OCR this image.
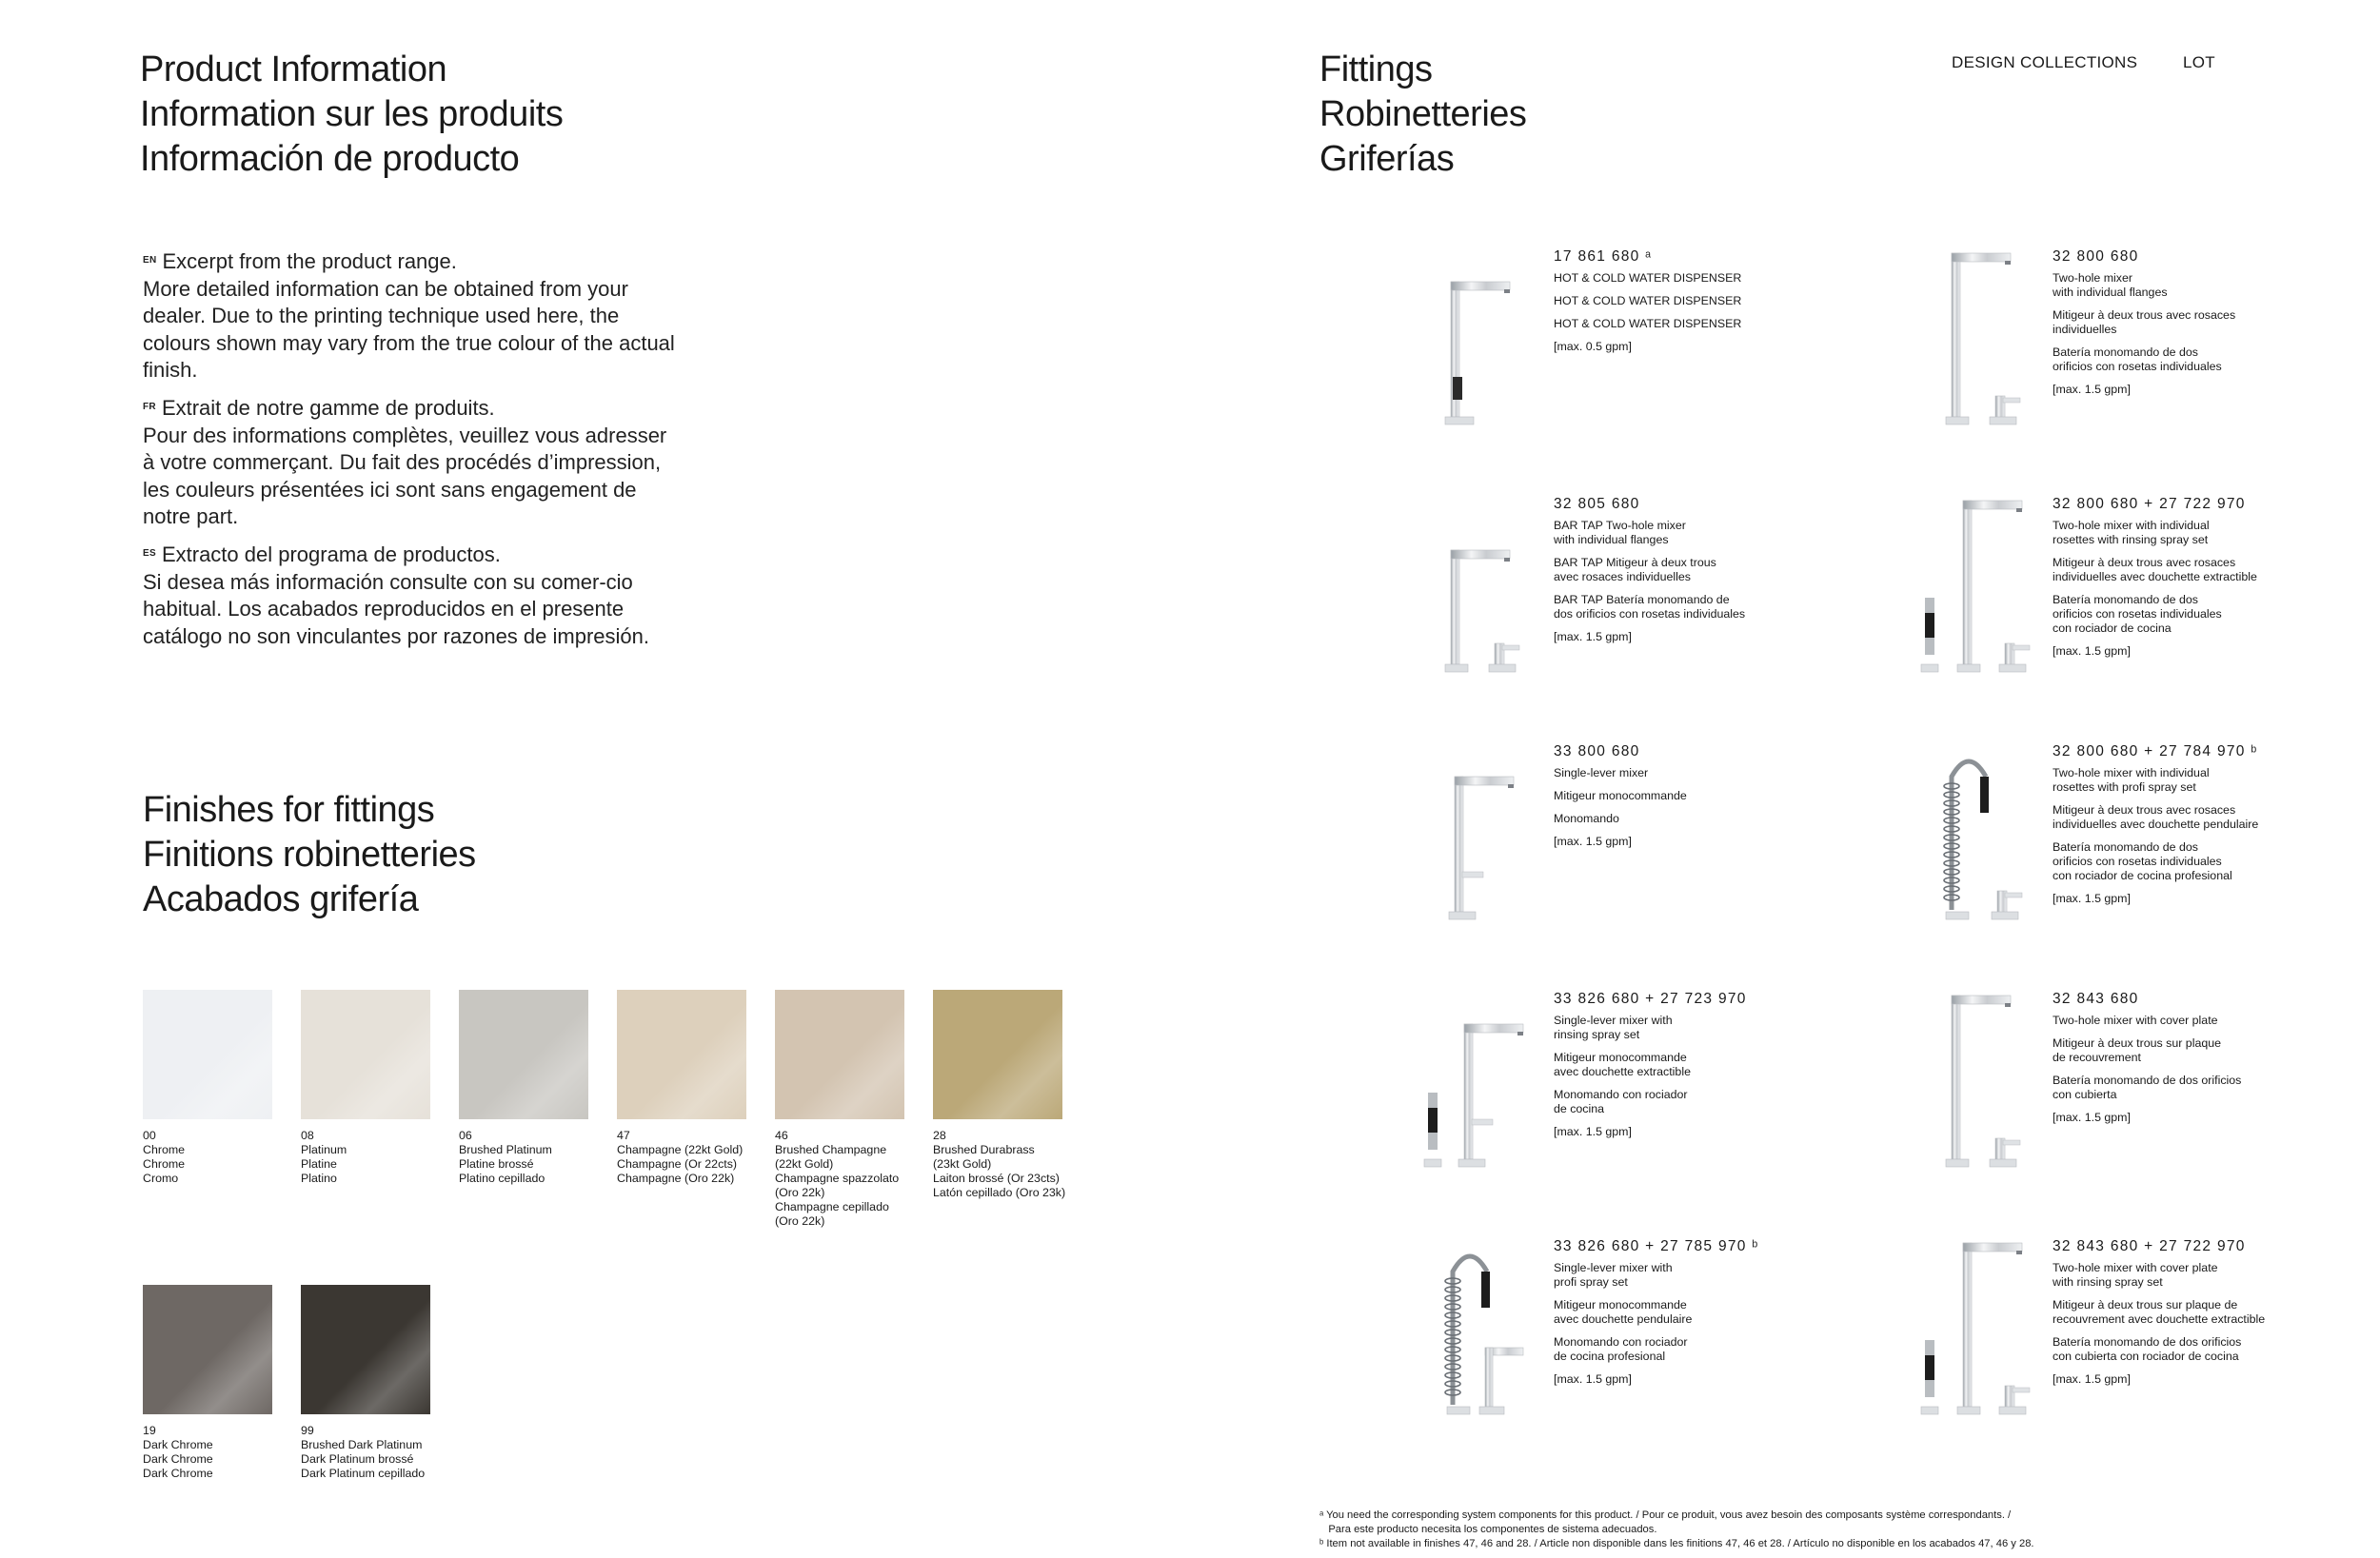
Product Information
Information sur les produits
Información de producto

$^{EN}$ Excerpt from the product range.
More detailed information can be obtained from your dealer. Due to the printing technique used here, the colours shown may vary from the true colour of the actual finish.

$^{FR}$ Extrait de notre gamme de produits.
Pour des informations complètes, veuillez vous adresser à votre commerçant. Du fait des procédés d’impression, les couleurs présentées ici sont sans engagement de notre part.

$^{ES}$ Extracto del programa de productos.
Si desea más información consulte con su comer-cio habitual. Los acabados reproducidos en el presente catálogo no son vinculantes por razones de impresión.

Finishes for fittings
Finitions robinetteries
Acabados grifería
00
Chrome
Chrome
Cromo
08
Platinum
Platine
Platino
06
Brushed Platinum
Platine brossé
Platino cepillado
47
Champagne (22kt Gold)
Champagne (Or 22cts)
Champagne (Oro 22k)
46
Brushed Champagne
(22kt Gold)
Champagne spazzolato
(Oro 22k)
Champagne cepillado
(Oro 22k)
28
Brushed Durabrass
(23kt Gold)
Laiton brossé (Or 23cts)
Latón cepillado (Oro 23k)
19
Dark Chrome
Dark Chrome
Dark Chrome
99
Brushed Dark Platinum
Dark Platinum brossé
Dark Platinum cepillado
Fittings
Robinetteries
Griferías
DESIGN COLLECTIONS	LOT
17 861 680 ᵃ
HOT & COLD WATER DISPENSER
HOT & COLD WATER DISPENSER
HOT & COLD WATER DISPENSER
[max. 0.5 gpm]
32 800 680
Two-hole mixer
with individual flanges
Mitigeur à deux trous avec rosaces
individuelles
Batería monomando de dos
orificios con rosetas individuales
[max. 1.5 gpm]
32 805 680
BAR TAP Two-hole mixer
with individual flanges
BAR TAP Mitigeur à deux trous
avec rosaces individuelles
BAR TAP Batería monomando de
dos orificios con rosetas individuales
[max. 1.5 gpm]
32 800 680 + 27 722 970
Two-hole mixer with individual
rosettes with rinsing spray set
Mitigeur à deux trous avec rosaces
individuelles avec douchette extractible
Batería monomando de dos
orificios con rosetas individuales
con rociador de cocina
[max. 1.5 gpm]
33 800 680
Single-lever mixer
Mitigeur monocommande
Monomando
[max. 1.5 gpm]
32 800 680 + 27 784 970 ᵇ
Two-hole mixer with individual
rosettes with profi spray set
Mitigeur à deux trous avec rosaces
individuelles avec douchette pendulaire
Batería monomando de dos
orificios con rosetas individuales
con rociador de cocina profesional
[max. 1.5 gpm]
33 826 680 + 27 723 970
Single-lever mixer with
rinsing spray set
Mitigeur monocommande
avec douchette extractible
Monomando con rociador
de cocina
[max. 1.5 gpm]
32 843 680
Two-hole mixer with cover plate
Mitigeur à deux trous sur plaque
de recouvrement
Batería monomando de dos orificios
con cubierta
[max. 1.5 gpm]
33 826 680 + 27 785 970 ᵇ
Single-lever mixer with
profi spray set
Mitigeur monocommande
avec douchette pendulaire
Monomando con rociador
de cocina profesional
[max. 1.5 gpm]
32 843 680 + 27 722 970
Two-hole mixer with cover plate
with rinsing spray set
Mitigeur à deux trous sur plaque de
recouvrement avec douchette extractible
Batería monomando de dos orificios
con cubierta con rociador de cocina
[max. 1.5 gpm]
ᵃ You need the corresponding system components for this product. / Pour ce produit, vous avez besoin des composants système correspondants. /
Para este producto necesita los componentes de sistema adecuados.
ᵇ Item not available in finishes 47, 46 and 28. / Article non disponible dans les finitions 47, 46 et 28. / Artículo no disponible en los acabados 47, 46 y 28.
